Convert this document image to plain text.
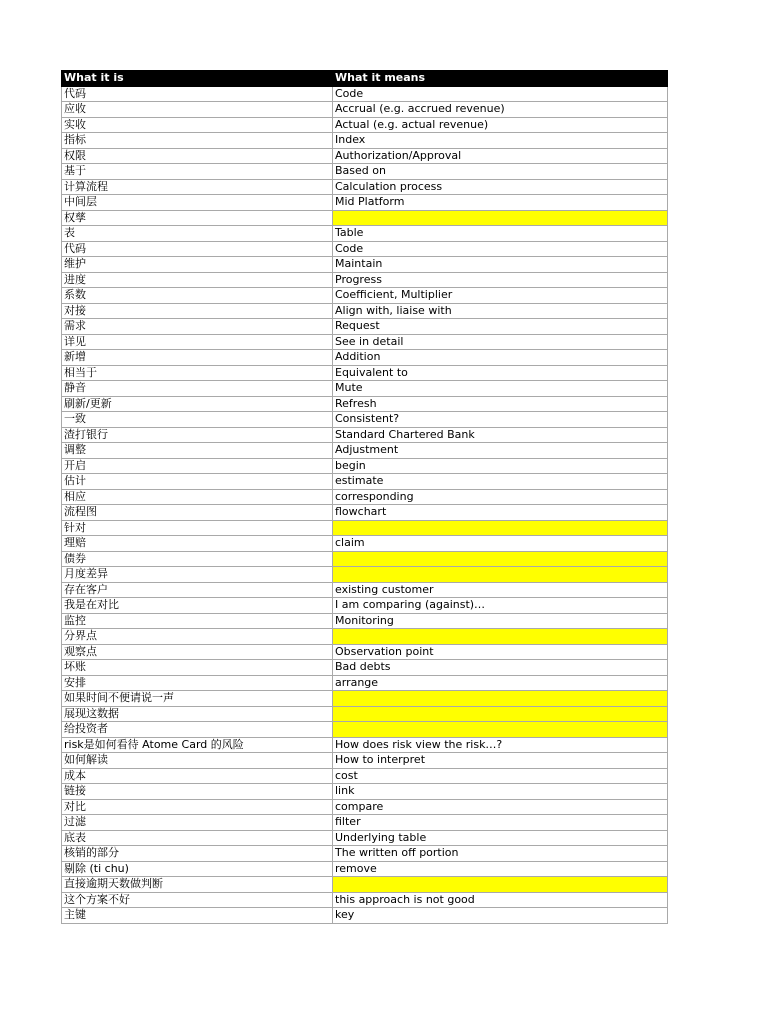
What it is	What it means
代码	Code
应收	Accrual (e.g. accrued revenue)
实收	Actual (e.g. actual revenue)
指标	Index
权限	Authorization/Approval
基于	Based on
计算流程	Calculation process
中间层	Mid Platform
权孳	
表	Table
代码	Code
维护	Maintain
进度	Progress
系数	Coefficient, Multiplier
对接	Align with, liaise with
需求	Request
详见	See in detail
新增	Addition
相当于	Equivalent to
静音	Mute
刷新/更新	Refresh
一致	Consistent?
渣打银行	Standard Chartered Bank
调整	Adjustment
开启	begin
估计	estimate
相应	corresponding
流程图	flowchart
针对	
理赔	claim
债券	
月度差异	
存在客户	existing customer
我是在对比	I am comparing (against)…
监控	Monitoring
分界点	
观察点	Observation point
坏账	Bad debts
安排	arrange
如果时间不便请说一声	
展现这数据	
给投资者	
risk是如何看待 Atome Card 的风险	How does risk view the risk…?
如何解读	How to interpret
成本	cost
链接	link
对比	compare
过滤	filter
底表	Underlying table
核销的部分	The written off portion
剔除 (ti chu)	remove
直接逾期天数做判断	
这个方案不好	this approach is not good
主键	key
